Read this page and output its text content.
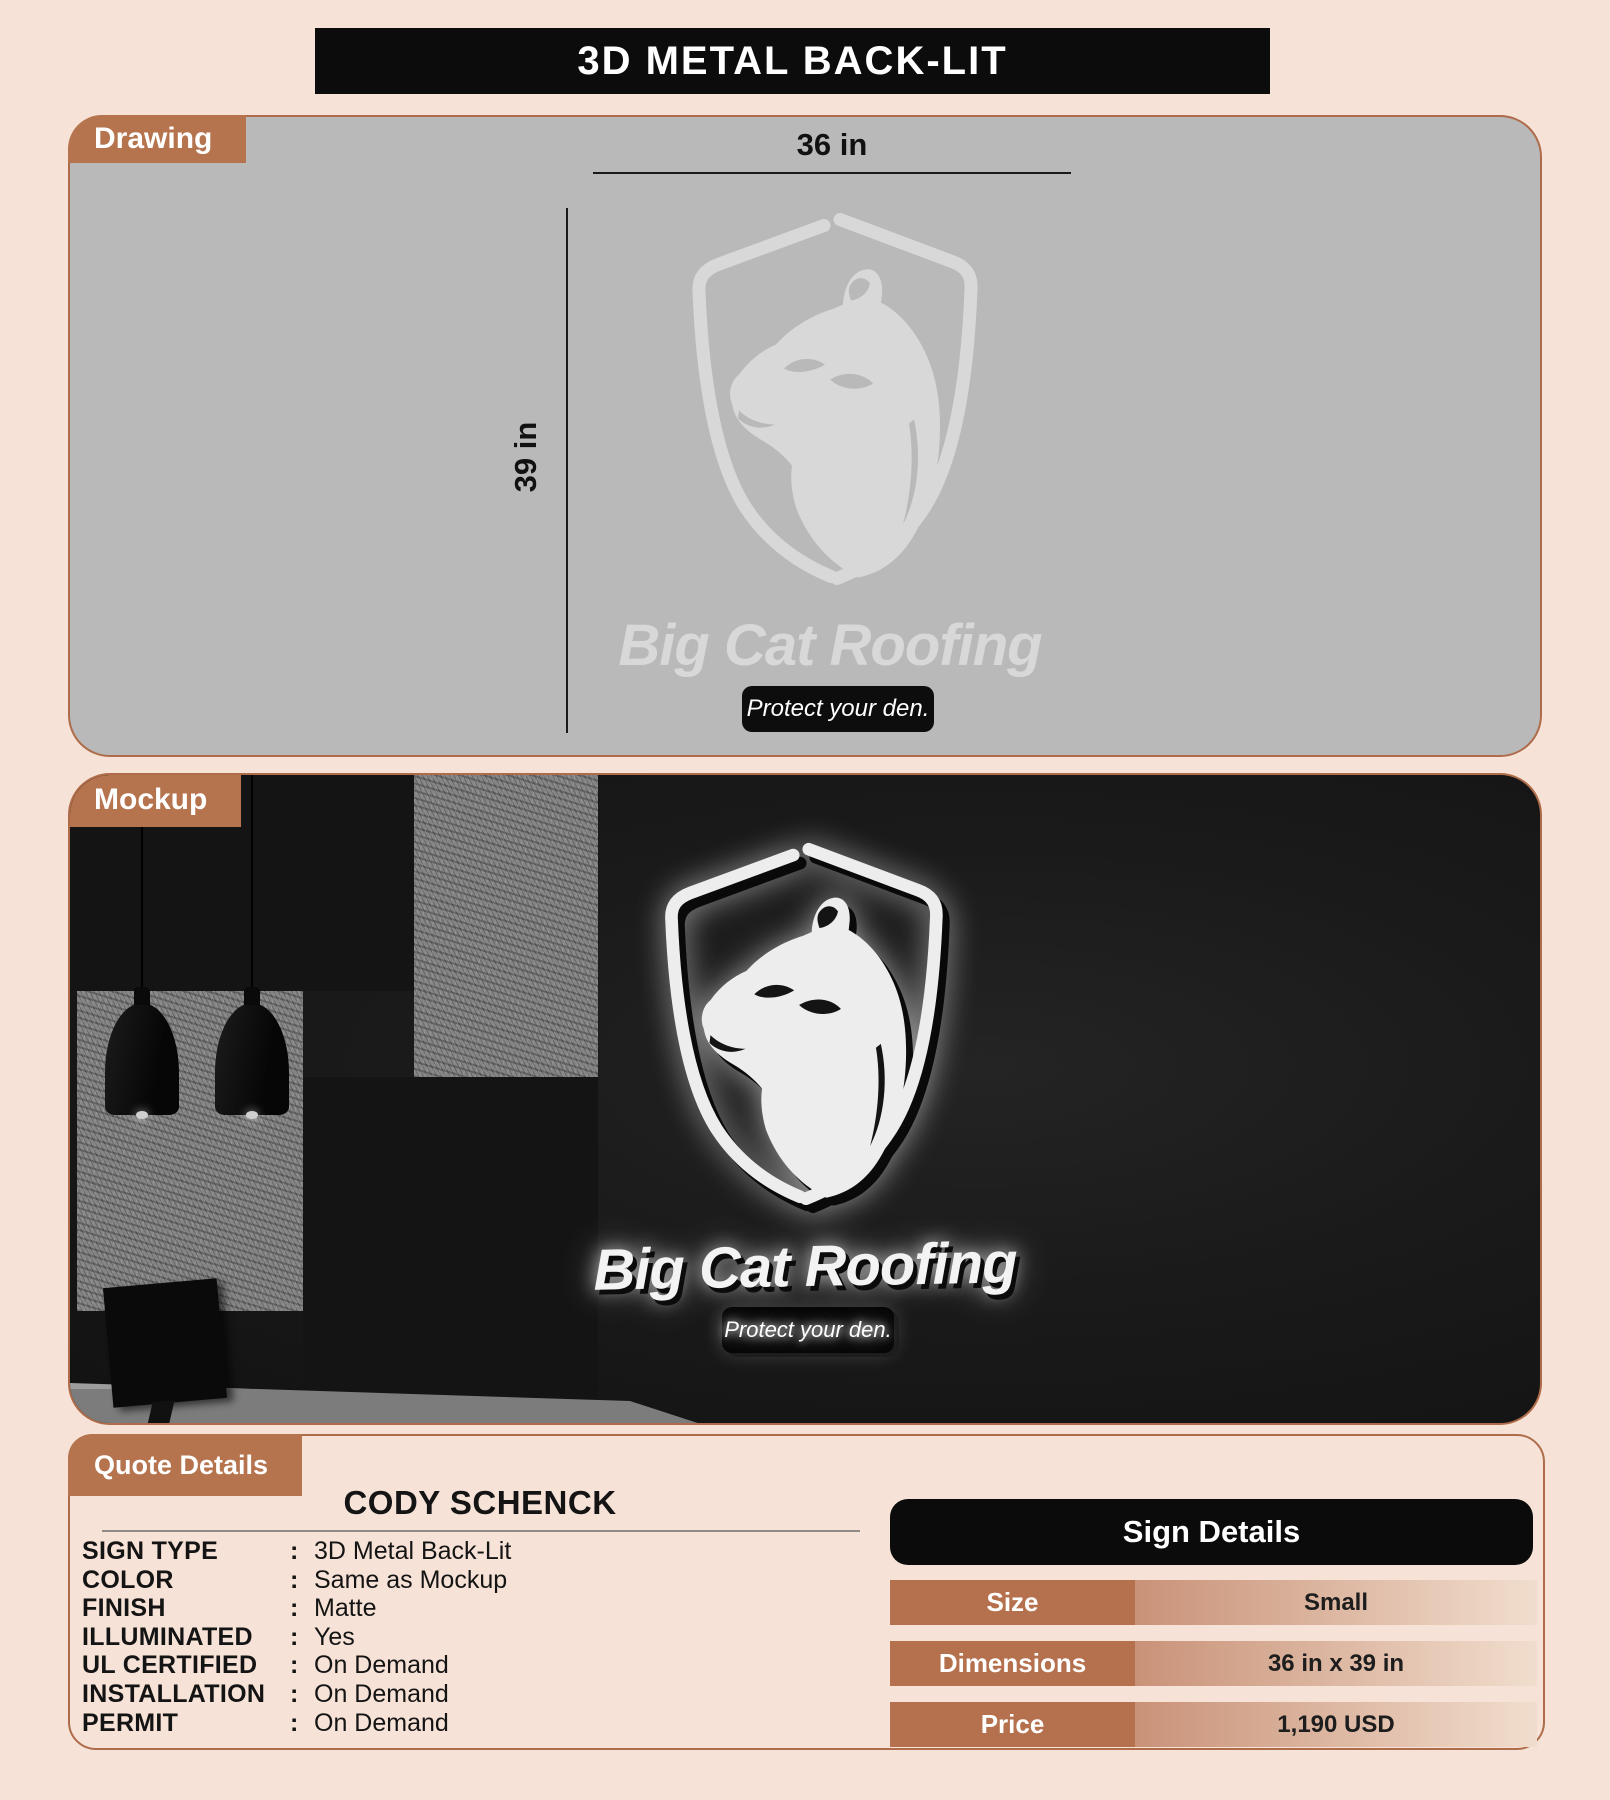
3D METAL BACK-LIT
Drawing	36 in
39 in
Big Cat Roofing
Protect your den.
Big Cat Roofing
Protect your den.
Mockup
Quote Details
CODY SCHENCK
SIGN TYPE	: 3D Metal Back-Lit
COLOR	: Same as Mockup
FINISH	: Matte
ILLUMINATED	: Yes
UL CERTIFIED	: On Demand
INSTALLATION : On Demand
PERMIT	: On Demand
Sign Details
Size	Small
Dimensions	36 in x 39 in
Price	1,190 USD
